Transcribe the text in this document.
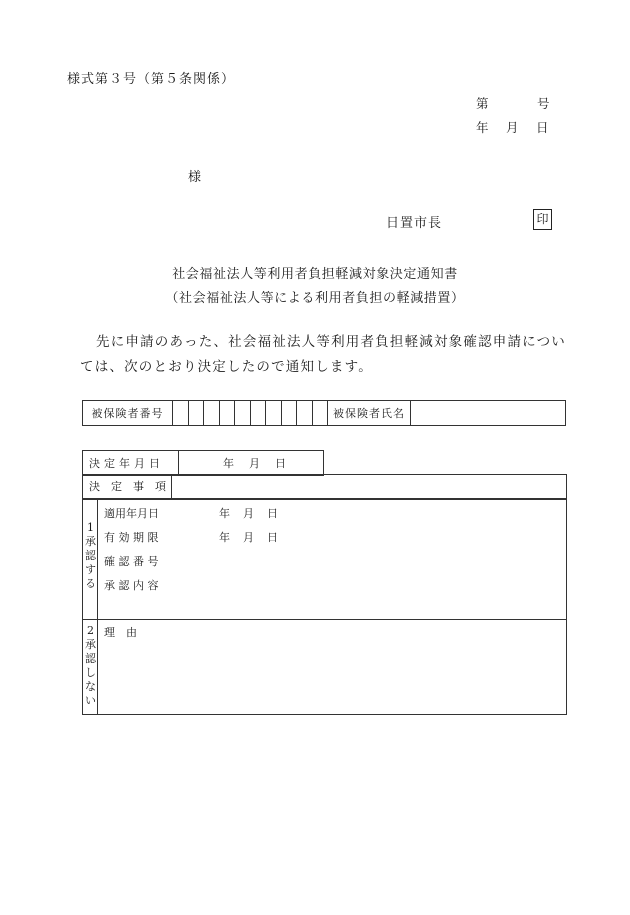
様式第３号（第５条関係）
第	号
年 月 日
様
日置市長	印
社会福祉法人等利用者負担軽減対象決定通知書
（社会福祉法人等による利用者負担の軽減措置）
先に申請のあった、社会福祉法人等利用者負担軽減対象確認申請については、次のとおり決定したので通知します。
被保険者番号											被保険者氏名	
決定年月日	年 月 日
決 定 事 項
1承認する
適用年月日	年 月 日
有 効 期 限	年 月 日
確 認 番 号
承 認 内 容
2承認しない
理　由
